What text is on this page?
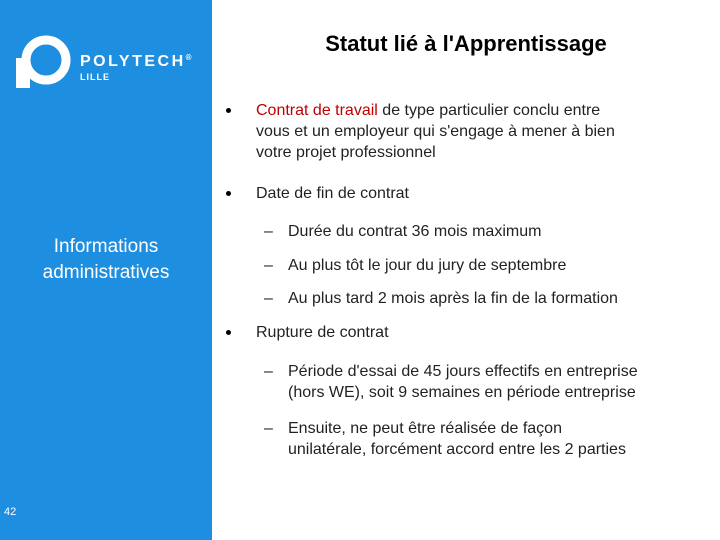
POLYTECH®
LILLE
Informations
administratives
42
Statut lié à l'Apprentissage
Contrat de travail de type particulier conclu entre
vous et un employeur qui s'engage à mener à bien
votre projet professionnel
Date de fin de contrat
– Durée du contrat 36 mois maximum
– Au plus tôt le jour du jury de septembre
– Au plus tard 2 mois après la fin de la formation
Rupture de contrat
– Période d'essai de 45 jours effectifs en entreprise
(hors WE), soit 9 semaines en période entreprise
– Ensuite, ne peut être réalisée de façon
unilatérale, forcément accord entre les 2 parties
